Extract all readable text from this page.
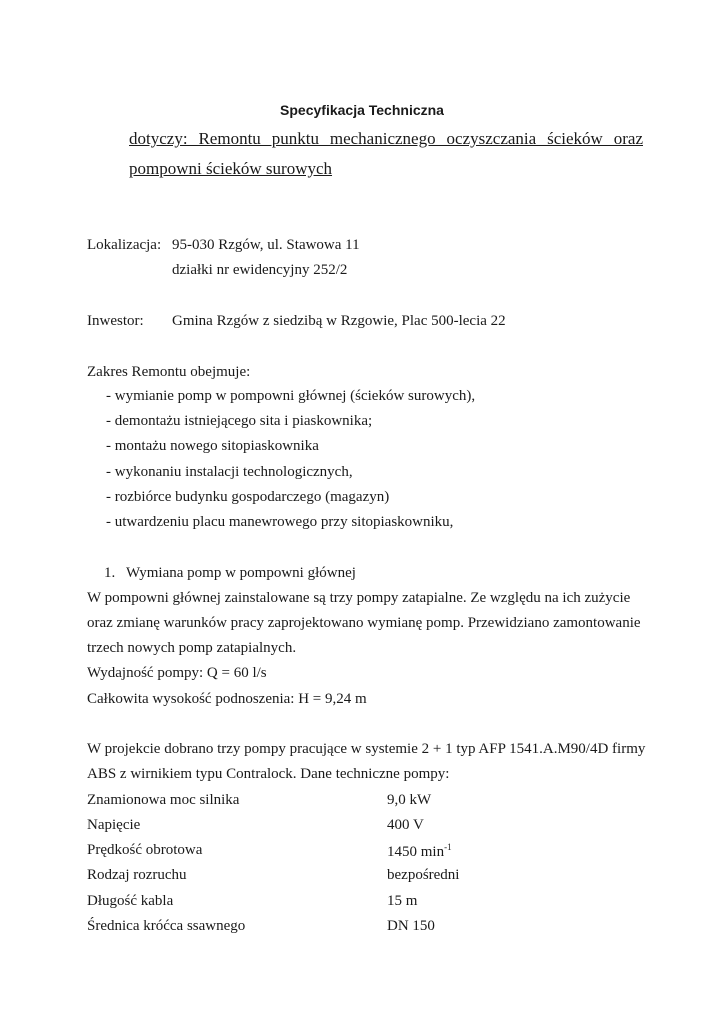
Specyfikacja Techniczna
dotyczy: Remontu punktu mechanicznego oczyszczania ścieków oraz
pompowni ścieków surowych
Lokalizacja: 95-030 Rzgów, ul. Stawowa 11
działki nr ewidencyjny 252/2
Inwestor: Gmina Rzgów z siedzibą w Rzgowie, Plac 500-lecia 22
Zakres Remontu obejmuje:
- wymianie pomp w pompowni głównej (ścieków surowych),
- demontażu istniejącego sita i piaskownika;
- montażu nowego sitopiaskownika
- wykonaniu instalacji technologicznych,
- rozbiórce budynku gospodarczego (magazyn)
- utwardzeniu placu manewrowego przy sitopiaskowniku,
1. Wymiana pomp w pompowni głównej
W pompowni głównej zainstalowane są trzy pompy zatapialne. Ze względu na ich zużycie
oraz zmianę warunków pracy zaprojektowano wymianę pomp. Przewidziano zamontowanie
trzech nowych pomp zatapialnych.
Wydajność pompy: Q = 60 l/s
Całkowita wysokość podnoszenia: H = 9,24 m
W projekcie dobrano trzy pompy pracujące w systemie 2 + 1 typ AFP 1541.A.M90/4D firmy
ABS z wirnikiem typu Contralock. Dane techniczne pompy:
Znamionowa moc silnika	9,0 kW
Napięcie	400 V
Prędkość obrotowa	1450 $\min^{-1}$
Rodzaj rozruchu	bezpośredni
Długość kabla	15 m
Średnica króćca ssawnego	DN 150
